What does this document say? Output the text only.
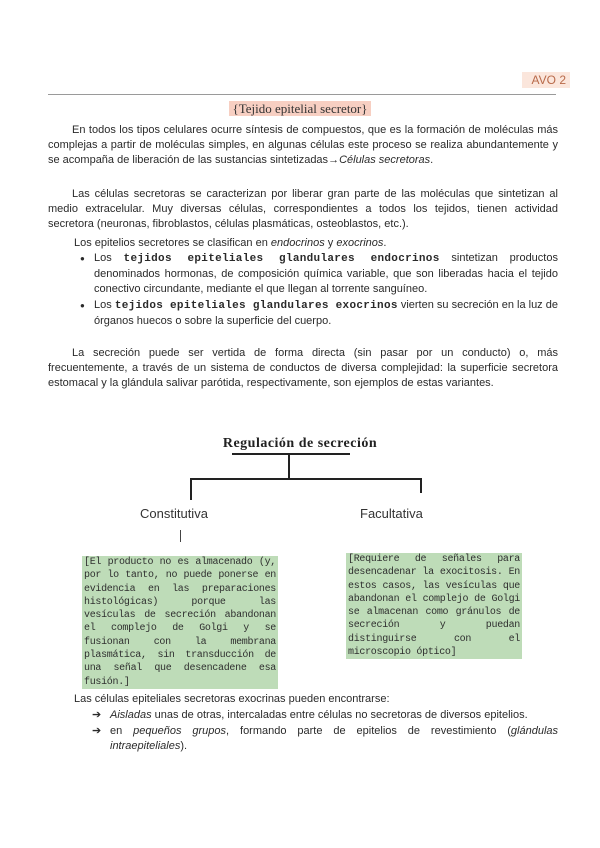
AVO 2
{Tejido epitelial secretor}
En todos los tipos celulares ocurre síntesis de compuestos, que es la formación de moléculas más complejas a partir de moléculas simples, en algunas células este proceso se realiza abundantemente y se acompaña de liberación de las sustancias sintetizadas→Células secretoras.
Las células secretoras se caracterizan por liberar gran parte de las moléculas que sintetizan al medio extracelular. Muy diversas células, correspondientes a todos los tejidos, tienen actividad secretora (neuronas, fibroblastos, células plasmáticas, osteoblastos, etc.).
Los epitelios secretores se clasifican en endocrinos y exocrinos.
● Los tejidos epiteliales glandulares endocrinos sintetizan productos denominados hormonas, de composición química variable, que son liberadas hacia el tejido conectivo circundante, mediante el que llegan al torrente sanguíneo.
● Los tejidos epiteliales glandulares exocrinos vierten su secreción en la luz de órganos huecos o sobre la superficie del cuerpo.
La secreción puede ser vertida de forma directa (sin pasar por un conducto) o, más frecuentemente, a través de un sistema de conductos de diversa complejidad: la superficie secretora estomacal y la glándula salivar parótida, respectivamente, son ejemplos de estas variantes.
Regulación de secreción
Constitutiva	Facultativa
[El producto no es almacenado (y, por lo tanto, no puede ponerse en evidencia en las preparaciones histológicas) porque las vesículas de secreción abandonan el complejo de Golgi y se fusionan con la membrana plasmática, sin transducción de una señal que desencadene esa fusión.]
[Requiere de señales para desencadenar la exocitosis. En estos casos, las vesículas que abandonan el complejo de Golgi se almacenan como gránulos de secreción y puedan distinguirse con el microscopio óptico]
Las células epiteliales secretoras exocrinas pueden encontrarse:
➔ Aisladas unas de otras, intercaladas entre células no secretoras de diversos epitelios.
➔ en pequeños grupos, formando parte de epitelios de revestimiento (glándulas intraepiteliales).
